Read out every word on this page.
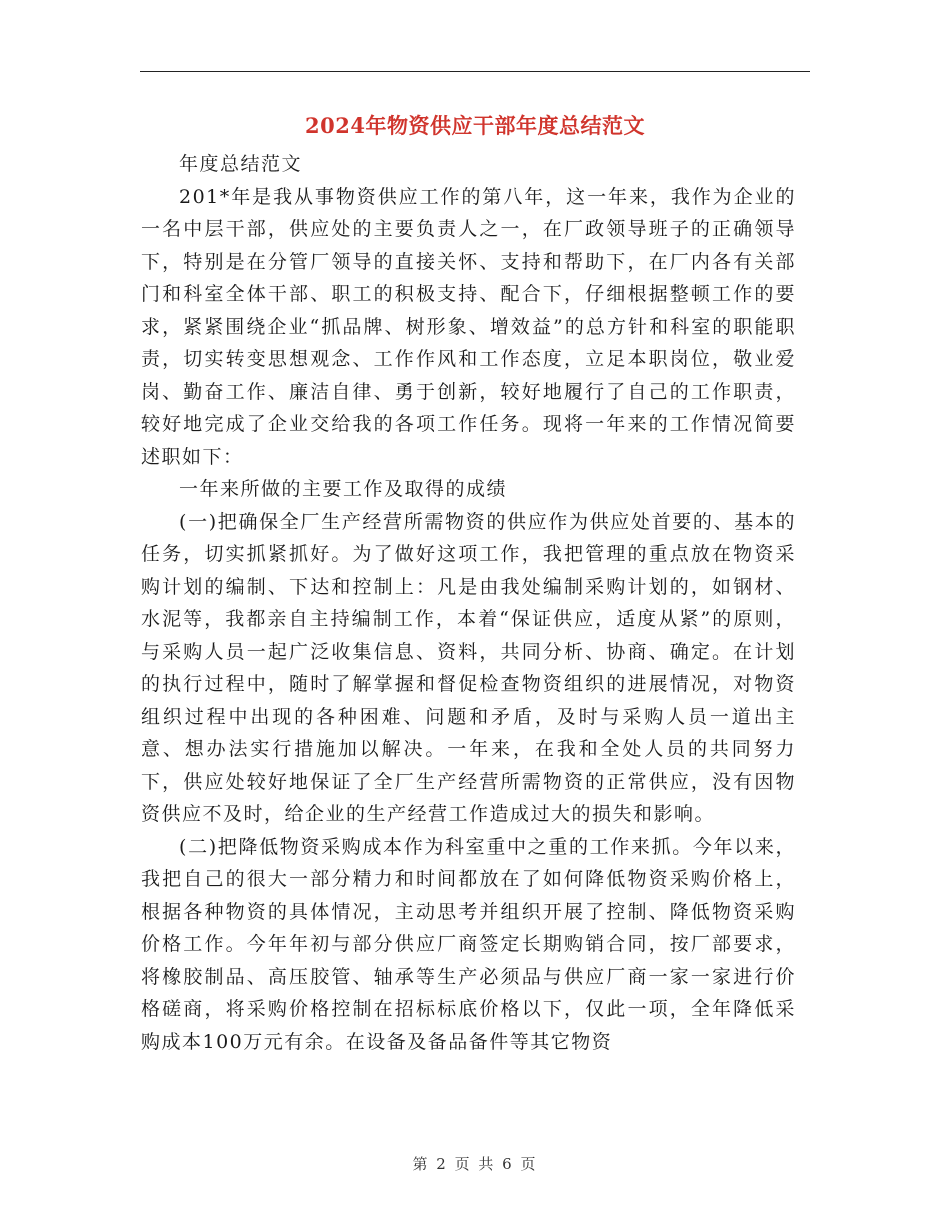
2024年物资供应干部年度总结范文

年度总结范文

201*年是我从事物资供应工作的第八年，这一年来，我作为企业的一名中层干部，供应处的主要负责人之一，在厂政领导班子的正确领导下，特别是在分管厂领导的直接关怀、支持和帮助下，在厂内各有关部门和科室全体干部、职工的积极支持、配合下，仔细根据整顿工作的要求，紧紧围绕企业“抓品牌、树形象、增效益”的总方针和科室的职能职责，切实转变思想观念、工作作风和工作态度，立足本职岗位，敬业爱岗、勤奋工作、廉洁自律、勇于创新，较好地履行了自己的工作职责，较好地完成了企业交给我的各项工作任务。现将一年来的工作情况简要述职如下：

一年来所做的主要工作及取得的成绩

(一)把确保全厂生产经营所需物资的供应作为供应处首要的、基本的任务，切实抓紧抓好。为了做好这项工作，我把管理的重点放在物资采购计划的编制、下达和控制上：凡是由我处编制采购计划的，如钢材、水泥等，我都亲自主持编制工作，本着“保证供应，适度从紧”的原则，与采购人员一起广泛收集信息、资料，共同分析、协商、确定。在计划的执行过程中，随时了解掌握和督促检查物资组织的进展情况，对物资组织过程中出现的各种困难、问题和矛盾，及时与采购人员一道出主意、想办法实行措施加以解决。一年来，在我和全处人员的共同努力下，供应处较好地保证了全厂生产经营所需物资的正常供应，没有因物资供应不及时，给企业的生产经营工作造成过大的损失和影响。

(二)把降低物资采购成本作为科室重中之重的工作来抓。今年以来，我把自己的很大一部分精力和时间都放在了如何降低物资采购价格上，根据各种物资的具体情况，主动思考并组织开展了控制、降低物资采购价格工作。今年年初与部分供应厂商签定长期购销合同，按厂部要求，将橡胶制品、高压胶管、轴承等生产必须品与供应厂商一家一家进行价格磋商，将采购价格控制在招标标底价格以下，仅此一项，全年降低采购成本100万元有余。在设备及备品备件等其它物资

第 2 页 共 6 页
